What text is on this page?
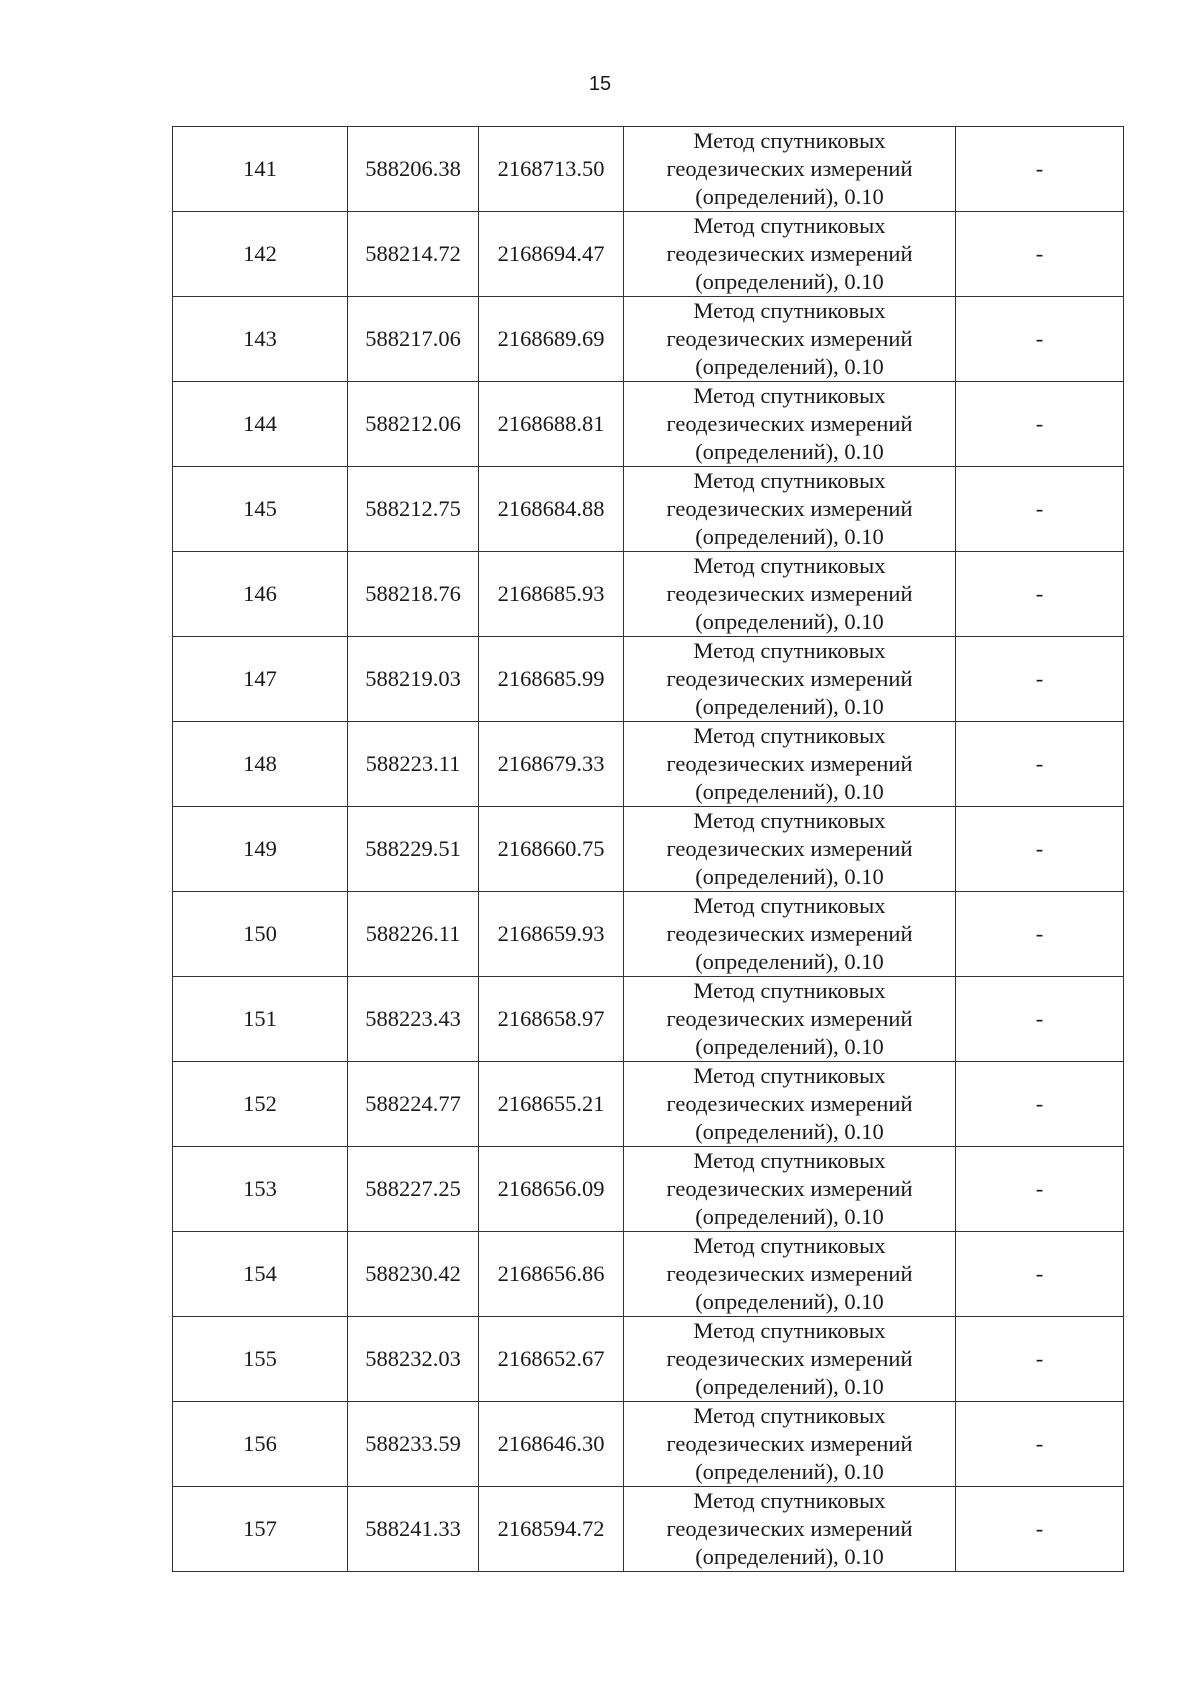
15
141	588206.38	2168713.50	Метод спутниковых
геодезических измерений
(определений), 0.10	-
142	588214.72	2168694.47	Метод спутниковых
геодезических измерений
(определений), 0.10	-
143	588217.06	2168689.69	Метод спутниковых
геодезических измерений
(определений), 0.10	-
144	588212.06	2168688.81	Метод спутниковых
геодезических измерений
(определений), 0.10	-
145	588212.75	2168684.88	Метод спутниковых
геодезических измерений
(определений), 0.10	-
146	588218.76	2168685.93	Метод спутниковых
геодезических измерений
(определений), 0.10	-
147	588219.03	2168685.99	Метод спутниковых
геодезических измерений
(определений), 0.10	-
148	588223.11	2168679.33	Метод спутниковых
геодезических измерений
(определений), 0.10	-
149	588229.51	2168660.75	Метод спутниковых
геодезических измерений
(определений), 0.10	-
150	588226.11	2168659.93	Метод спутниковых
геодезических измерений
(определений), 0.10	-
151	588223.43	2168658.97	Метод спутниковых
геодезических измерений
(определений), 0.10	-
152	588224.77	2168655.21	Метод спутниковых
геодезических измерений
(определений), 0.10	-
153	588227.25	2168656.09	Метод спутниковых
геодезических измерений
(определений), 0.10	-
154	588230.42	2168656.86	Метод спутниковых
геодезических измерений
(определений), 0.10	-
155	588232.03	2168652.67	Метод спутниковых
геодезических измерений
(определений), 0.10	-
156	588233.59	2168646.30	Метод спутниковых
геодезических измерений
(определений), 0.10	-
157	588241.33	2168594.72	Метод спутниковых
геодезических измерений
(определений), 0.10	-
